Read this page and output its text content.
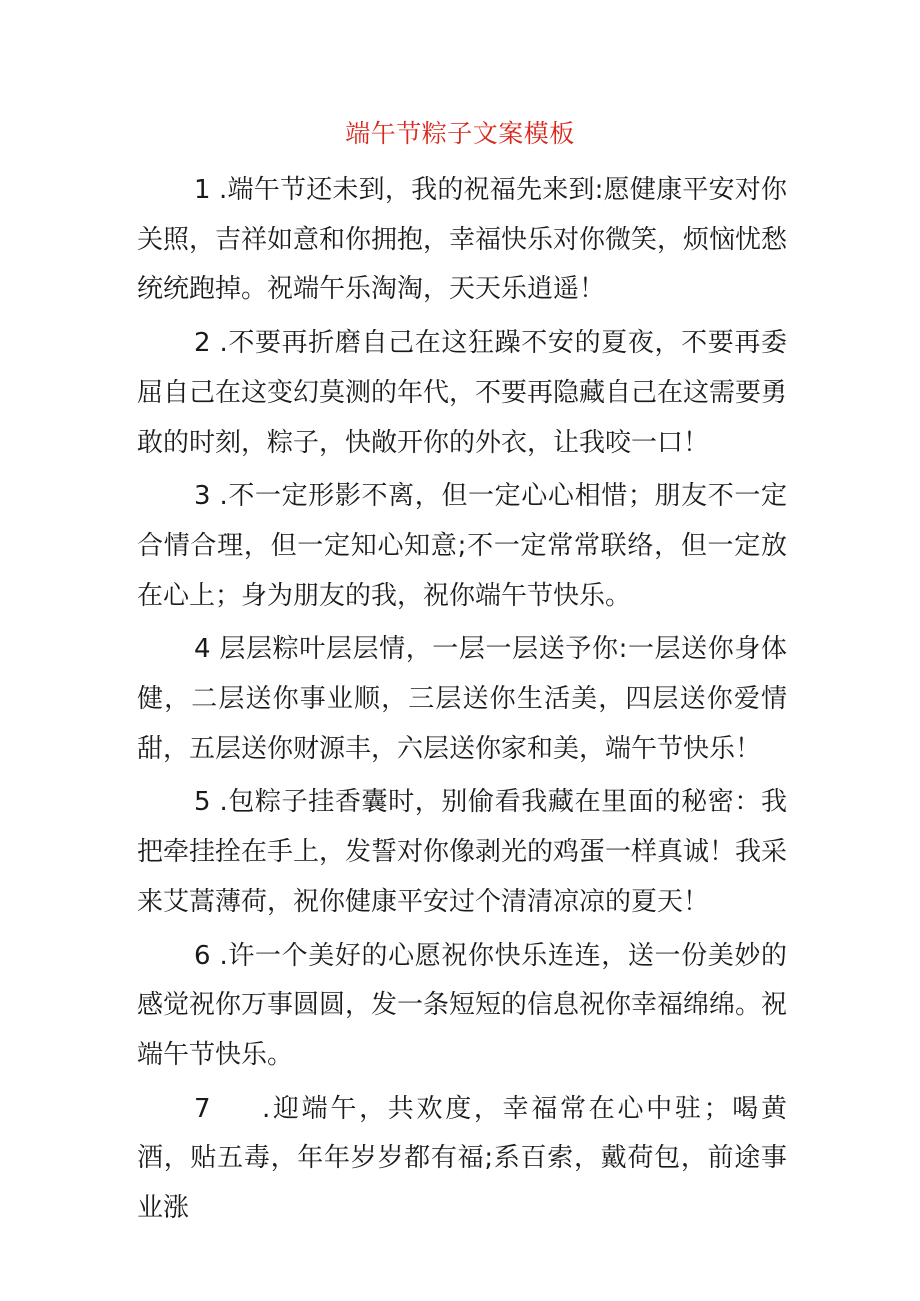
端午节粽子文案模板

1 .端午节还未到，我的祝福先来到:愿健康平安对你关照，吉祥如意和你拥抱，幸福快乐对你微笑，烦恼忧愁统统跑掉。祝端午乐淘淘，天天乐逍遥！

2 .不要再折磨自己在这狂躁不安的夏夜，不要再委屈自己在这变幻莫测的年代，不要再隐藏自己在这需要勇敢的时刻，粽子，快敞开你的外衣，让我咬一口！

3 .不一定形影不离，但一定心心相惜；朋友不一定合情合理，但一定知心知意;不一定常常联络，但一定放在心上；身为朋友的我，祝你端午节快乐。

4 层层粽叶层层情，一层一层送予你:一层送你身体健，二层送你事业顺，三层送你生活美，四层送你爱情甜，五层送你财源丰，六层送你家和美，端午节快乐！

5 .包粽子挂香囊时，别偷看我藏在里面的秘密：我把牵挂拴在手上，发誓对你像剥光的鸡蛋一样真诚！我采来艾蒿薄荷，祝你健康平安过个清清凉凉的夏天！

6 .许一个美好的心愿祝你快乐连连，送一份美妙的感觉祝你万事圆圆，发一条短短的信息祝你幸福绵绵。祝端午节快乐。

7 .迎端午，共欢度，幸福常在心中驻；喝黄酒，贴五毒，年年岁岁都有福;系百索，戴荷包，前途事业涨
